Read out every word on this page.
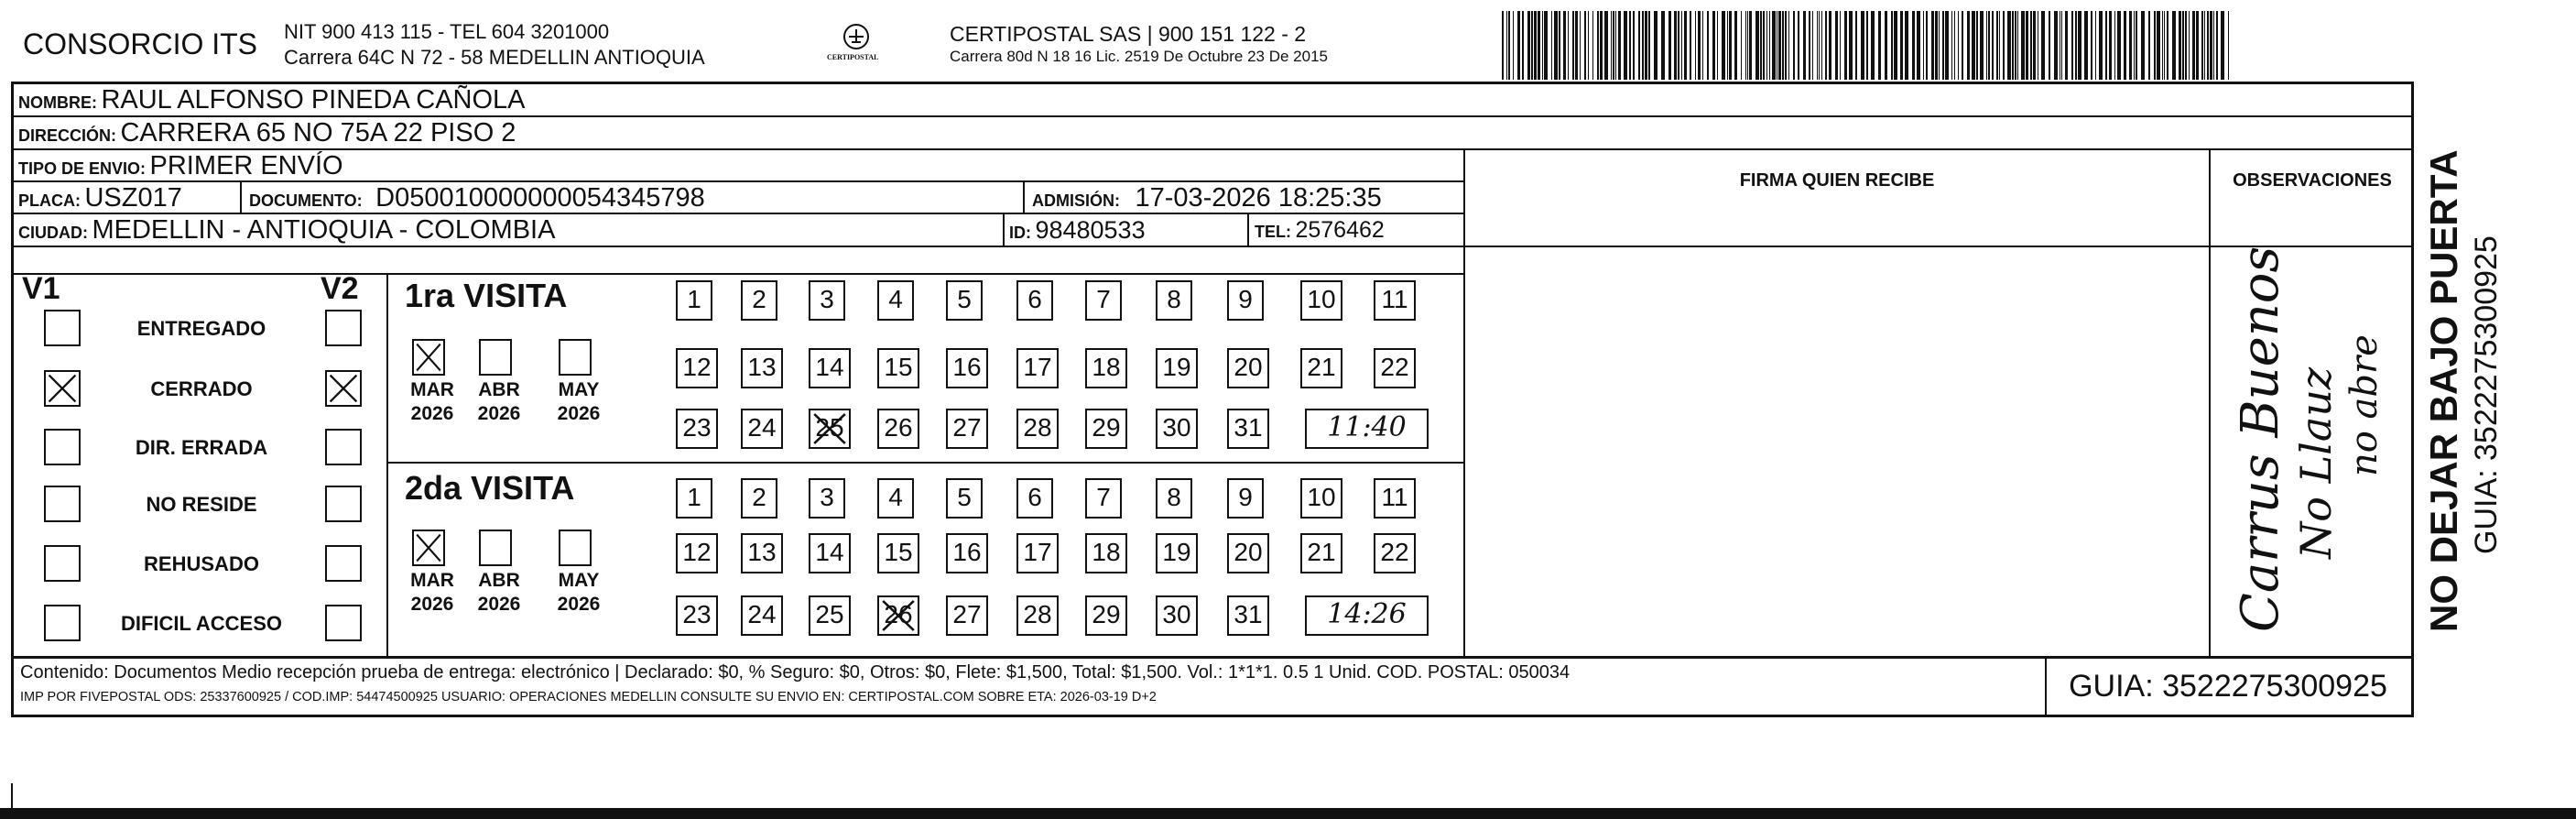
CONSORCIO ITS NIT 900 413 115 - TEL 604 3201000
Carrera 64C N 72 - 58 MEDELLIN ANTIOQUIA	CERTIPOSTAL
CERTIPOSTAL SAS | 900 151 122 - 2
Carrera 80d N 18 16 Lic. 2519 De Octubre 23 De 2015
NOMBRE: RAUL ALFONSO PINEDA CAÑOLA
DIRECCIÓN: CARRERA 65 NO 75A 22 PISO 2
TIPO DE ENVIO: PRIMER ENVÍO
PLACA: USZ017	DOCUMENTO: D050010000000054345798	ADMISIÓN: 17-03-2026 18:25:35
CIUDAD: MEDELLIN - ANTIOQUIA - COLOMBIA	ID: 98480533	TEL: 2576462
FIRMA QUIEN RECIBE	OBSERVACIONES
Carrus Buenos No Llauz no abre NO DEJAR BAJO PUERTA GUIA: 3522275300925
V1	V2
ENTREGADO
CERRADO
DIR. ERRADA
NO RESIDE
REHUSADO
DIFICIL ACCESO
1ra VISITA
2da VISITA
MAR
2026
ABR
2026
MAY
2026
MAR
2026
ABR
2026
MAY
2026
1	2	3	4	5	6	7	8	9	10	11
12 13 14 15 16 17 18 19 20 21 22
23 24 25 26 27 28 29 30 31	11:40
1	2	3	4	5	6	7	8	9	10	11
12 13 14 15 16 17 18 19 20 21 22
23 24 25 26 27 28 29 30 31	14:26
Contenido: Documentos Medio recepción prueba de entrega: electrónico | Declarado: $0, % Seguro: $0, Otros: $0, Flete: $1,500, Total: $1,500. Vol.: 1*1*1. 0.5 1 Unid. COD. POSTAL: 050034
IMP POR FIVEPOSTAL ODS: 25337600925 / COD.IMP: 54474500925 USUARIO: OPERACIONES MEDELLIN CONSULTE SU ENVIO EN: CERTIPOSTAL.COM SOBRE ETA: 2026-03-19 D+2	GUIA: 3522275300925
